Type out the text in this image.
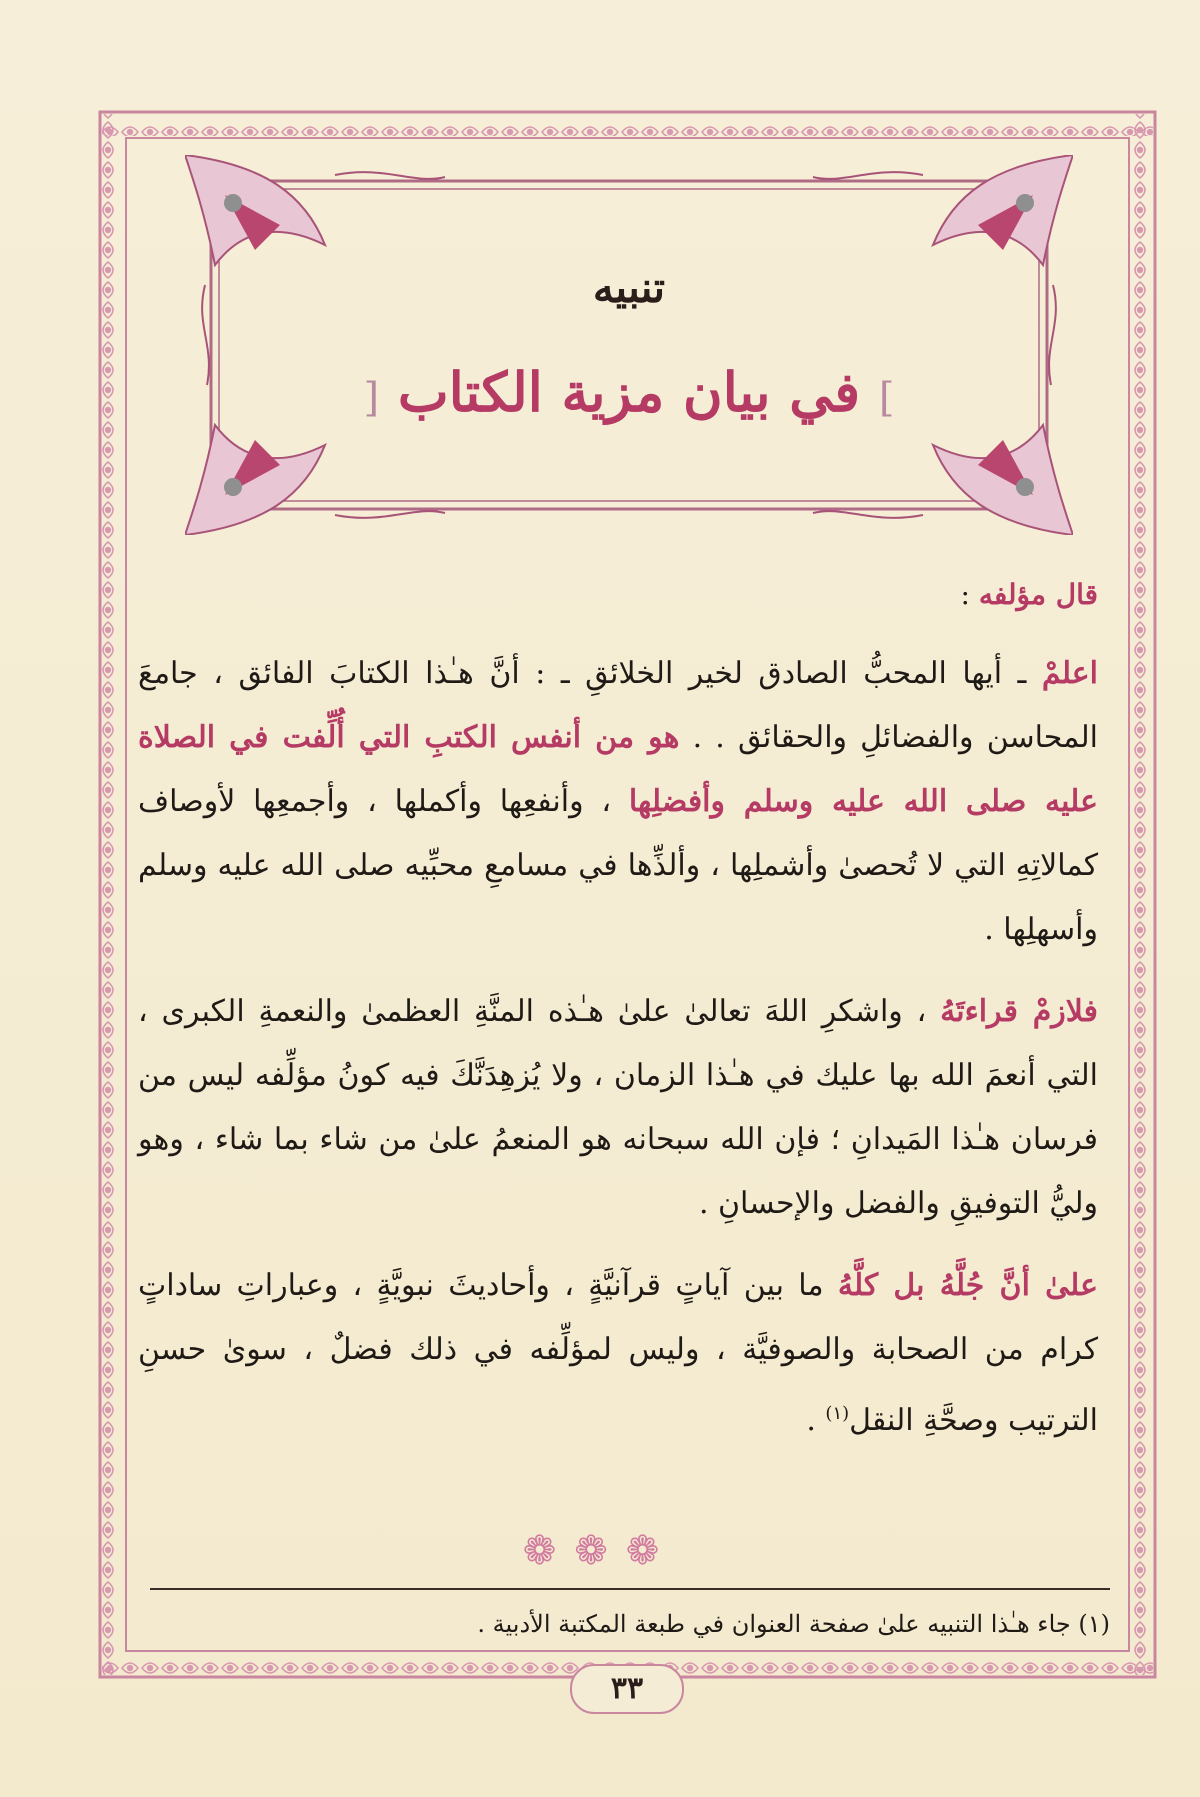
تنبيه
] في بيان مزية الكتاب [
قال مؤلفه :

اعلمْ ـ أيها المحبُّ الصادق لخير الخلائقِ ـ : أنَّ هـٰذا الكتابَ الفائق ، جامعَ المحاسن والفضائلِ والحقائق . . هو من أنفس الكتبِ التي أُلِّفت في الصلاة عليه صلى الله عليه وسلم وأفضلِها ، وأنفعِها وأكملها ، وأجمعِها لأوصاف كمالاتِهِ التي لا تُحصىٰ وأشملِها ، وألذِّها في مسامعِ محبِّيه صلى الله عليه وسلم وأسهلِها .

فلازمْ قراءتَهُ ، واشكرِ اللهَ تعالىٰ علىٰ هـٰذه المنَّةِ العظمىٰ والنعمةِ الكبرى ، التي أنعمَ الله بها عليك في هـٰذا الزمان ، ولا يُزهِدَنَّكَ فيه كونُ مؤلِّفه ليس من فرسان هـٰذا المَيدانِ ؛ فإن الله سبحانه هو المنعمُ علىٰ من شاء بما شاء ، وهو وليُّ التوفيقِ والفضل والإحسانِ .

علىٰ أنَّ جُلَّهُ بل كلَّهُ ما بين آياتٍ قرآنيَّةٍ ، وأحاديثَ نبويَّةٍ ، وعباراتِ ساداتٍ كرام من الصحابة والصوفيَّة ، وليس لمؤلِّفه في ذلك فضلٌ ، سوىٰ حسنِ الترتيب وصحَّةِ النقل$^{(١)}$ .

❁❁❁
(١) جاء هـٰذا التنبيه علىٰ صفحة العنوان في طبعة المكتبة الأدبية .
٣٣
